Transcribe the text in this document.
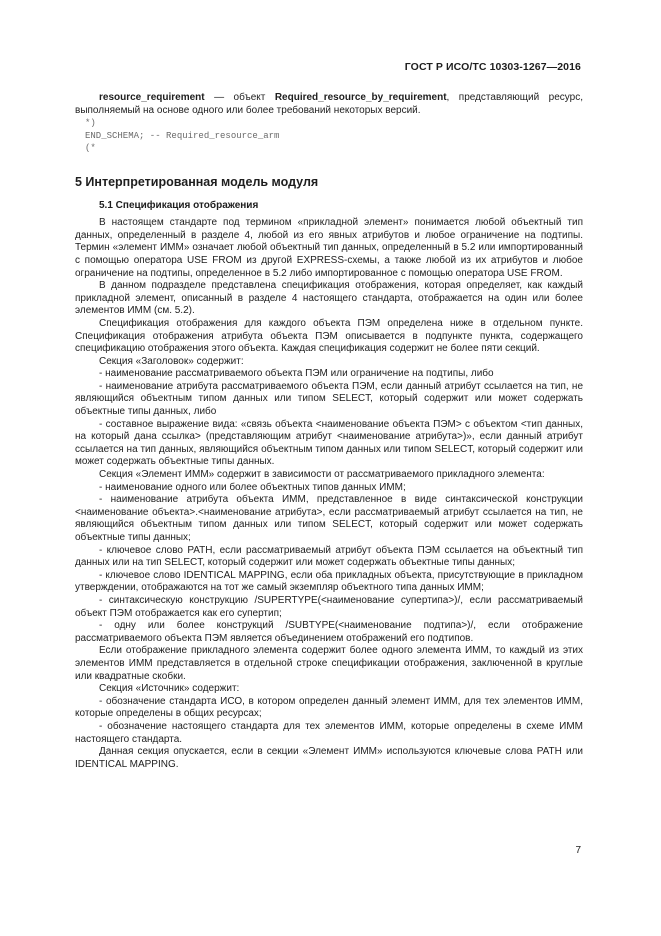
ГОСТ Р ИСО/ТС 10303-1267—2016

resource_requirement — объект Required_resource_by_requirement, представляющий ресурс, выполняемый на основе одного или более требований некоторых версий.

*)
END_SCHEMA; -- Required_resource_arm
(*

5 Интерпретированная модель модуля

5.1 Спецификация отображения

В настоящем стандарте под термином «прикладной элемент» понимается любой объектный тип данных, определенный в разделе 4, любой из его явных атрибутов и любое ограничение на подтипы. Термин «элемент ИММ» означает любой объектный тип данных, определенный в 5.2 или импортированный с помощью оператора USE FROM из другой EXPRESS-схемы, а также любой из их атрибутов и любое ограничение на подтипы, определенное в 5.2 либо импортированное с помощью оператора USE FROM.

В данном подразделе представлена спецификация отображения, которая определяет, как каждый прикладной элемент, описанный в разделе 4 настоящего стандарта, отображается на один или более элементов ИММ (см. 5.2).

Спецификация отображения для каждого объекта ПЭМ определена ниже в отдельном пункте. Спецификация отображения атрибута объекта ПЭМ описывается в подпункте пункта, содержащего спецификацию отображения этого объекта. Каждая спецификация содержит не более пяти секций.

Секция «Заголовок» содержит:

- наименование рассматриваемого объекта ПЭМ или ограничение на подтипы, либо

- наименование атрибута рассматриваемого объекта ПЭМ, если данный атрибут ссылается на тип, не являющийся объектным типом данных или типом SELECT, который содержит или может содержать объектные типы данных, либо

- составное выражение вида: «связь объекта <наименование объекта ПЭМ> с объектом <тип данных, на который дана ссылка> (представляющим атрибут <наименование атрибута>)», если данный атрибут ссылается на тип данных, являющийся объектным типом данных или типом SELECT, который содержит или может содержать объектные типы данных.

Секция «Элемент ИММ» содержит в зависимости от рассматриваемого прикладного элемента:

- наименование одного или более объектных типов данных ИММ;

- наименование атрибута объекта ИММ, представленное в виде синтаксической конструкции <наименование объекта>.<наименование атрибута>, если рассматриваемый атрибут ссылается на тип, не являющийся объектным типом данных или типом SELECT, который содержит или может содержать объектные типы данных;

- ключевое слово PATH, если рассматриваемый атрибут объекта ПЭМ ссылается на объектный тип данных или на тип SELECT, который содержит или может содержать объектные типы данных;

- ключевое слово IDENTICAL MAPPING, если оба прикладных объекта, присутствующие в прикладном утверждении, отображаются на тот же самый экземпляр объектного типа данных ИММ;

- синтаксическую конструкцию /SUPERTYPE(<наименование супертипа>)/, если рассматриваемый объект ПЭМ отображается как его супертип;

- одну или более конструкций /SUBTYPE(<наименование подтипа>)/, если отображение рассматриваемого объекта ПЭМ является объединением отображений его подтипов.

Если отображение прикладного элемента содержит более одного элемента ИММ, то каждый из этих элементов ИММ представляется в отдельной строке спецификации отображения, заключенной в круглые или квадратные скобки.

Секция «Источник» содержит:

- обозначение стандарта ИСО, в котором определен данный элемент ИММ, для тех элементов ИММ, которые определены в общих ресурсах;

- обозначение настоящего стандарта для тех элементов ИММ, которые определены в схеме ИММ настоящего стандарта.

Данная секция опускается, если в секции «Элемент ИММ» используются ключевые слова PATH или IDENTICAL MAPPING.

7
